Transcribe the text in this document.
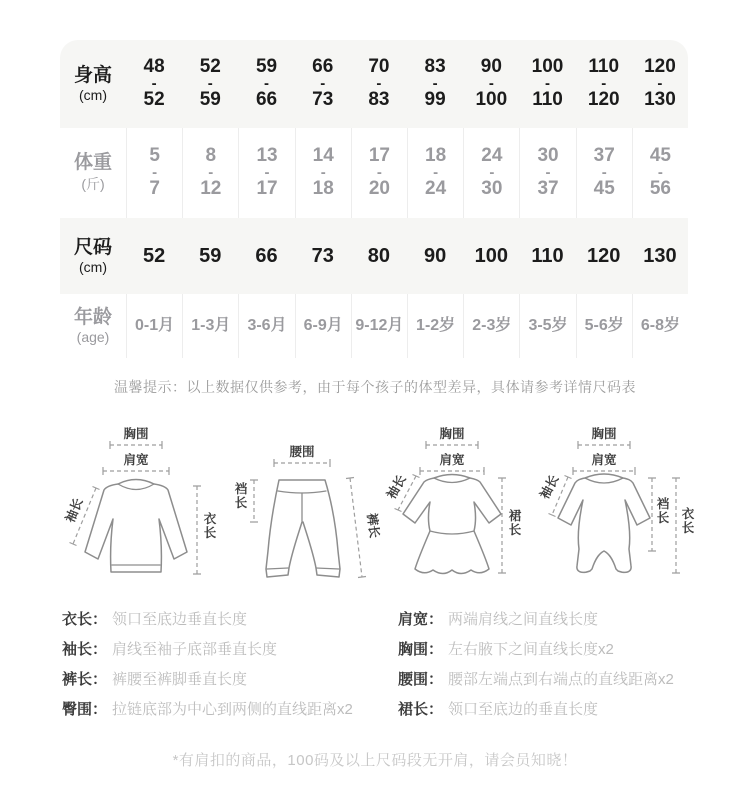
身高
(cm)
48
-
52
52
-
59
59
-
66
66
-
73
70
-
83
83
-
99
90
-
100
100
-
110
110
-
120
120
-
130
体重
(斤)
5
-
7
8
-
12
13
-
17
14
-
18
17
-
20
18
-
24
24
-
30
30
-
37
37
-
45
45
-
56
尺码
(cm)
52 59 66 73 80 90 100 110 120 130
年龄
(age)
0-1月 1-3月 3-6月 6-9月 9-12月 1-2岁 2-3岁 3-5岁 5-6岁 6-8岁
温馨提示：以上数据仅供参考，由于每个孩子的体型差异，具体请参考详情尺码表
胸围
肩宽
袖长	衣长
腰围
裆长
裤长
胸围
肩宽
袖长
裙长
胸围
肩宽
袖长
裆长 衣长
衣长： 领口至底边垂直长度
袖长： 肩线至袖子底部垂直长度
裤长： 裤腰至裤脚垂直长度
臀围： 拉链底部为中心到两侧的直线距离x2
肩宽： 两端肩线之间直线长度
胸围： 左右腋下之间直线长度x2
腰围： 腰部左端点到右端点的直线距离x2
裙长： 领口至底边的垂直长度
*有肩扣的商品，100码及以上尺码段无开肩，请会员知晓！
